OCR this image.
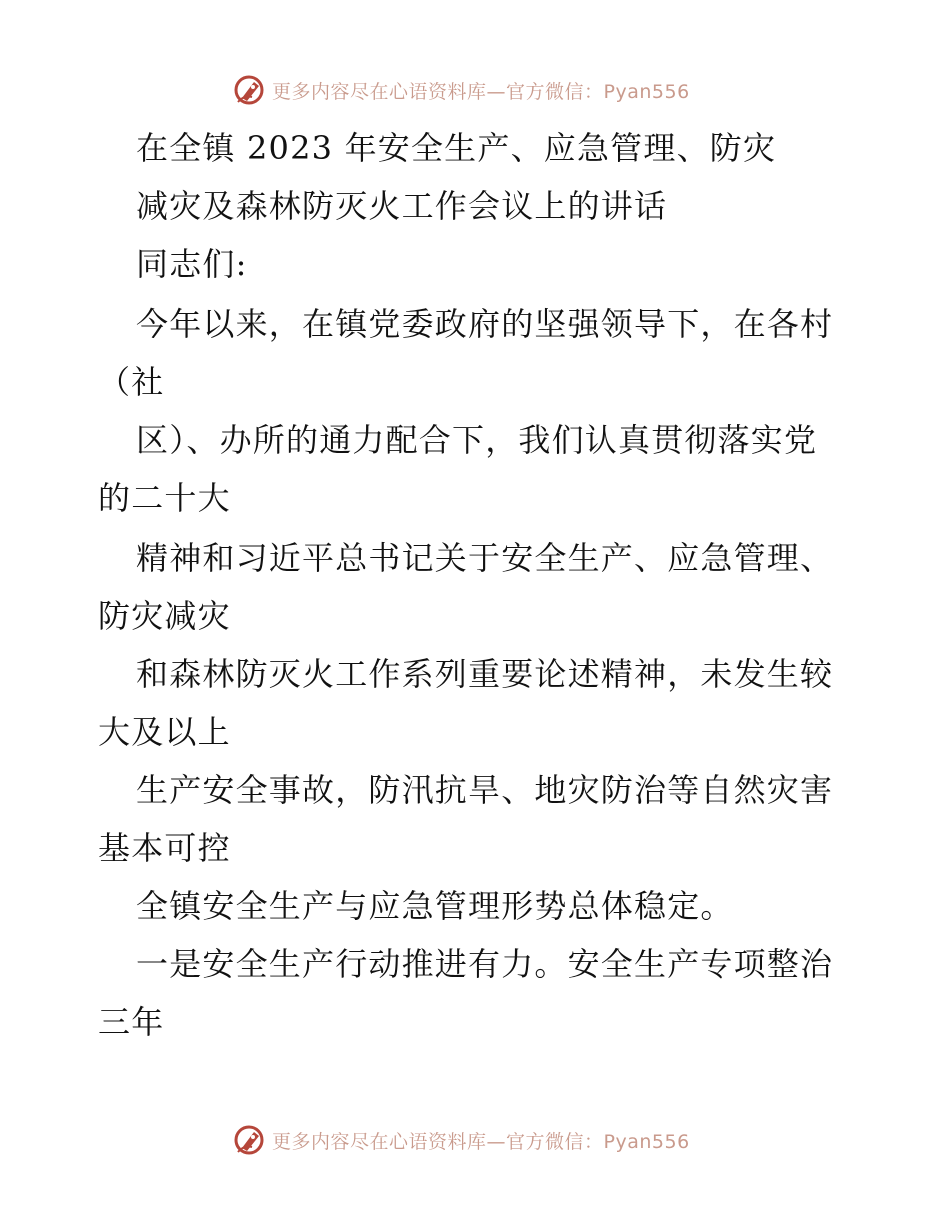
更多内容尽在心语资料库—官方微信：Pyan556
在全镇 2023 年安全生产、应急管理、防灾
减灾及森林防灭火工作会议上的讲话
同志们:
今年以来，在镇党委政府的坚强领导下，在各村
（社
区）、办所的通力配合下，我们认真贯彻落实党
的二十大
精神和习近平总书记关于安全生产、应急管理、
防灾减灾
和森林防灭火工作系列重要论述精神，未发生较
大及以上
生产安全事故，防汛抗旱、地灾防治等自然灾害
基本可控
全镇安全生产与应急管理形势总体稳定。
一是安全生产行动推进有力。安全生产专项整治
三年
更多内容尽在心语资料库—官方微信：Pyan556
